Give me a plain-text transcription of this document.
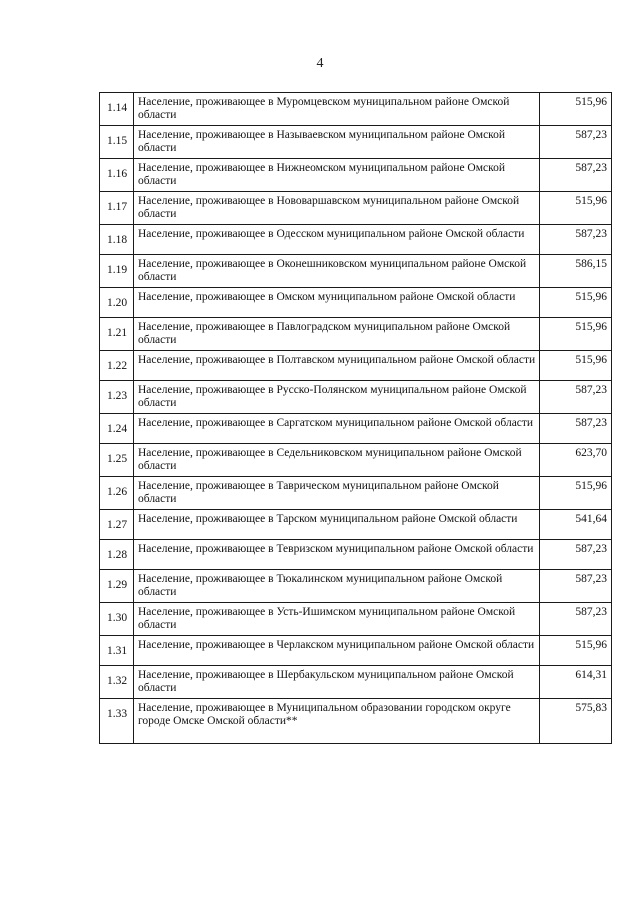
4
1.14	Население, проживающее в Муромцевском муниципальном районе Омской области	515,96
1.15	Население, проживающее в Называевском муниципальном районе Омской области	587,23
1.16	Население, проживающее в Нижнеомском муниципальном районе Омской области	587,23
1.17	Население, проживающее в Нововаршавском муниципальном районе Омской области	515,96
1.18	Население, проживающее в Одесском муниципальном районе Омской области	587,23
1.19	Население, проживающее в Оконешниковском муниципальном районе Омской области	586,15
1.20	Население, проживающее в Омском муниципальном районе Омской области	515,96
1.21	Население, проживающее в Павлоградском муниципальном районе Омской области	515,96
1.22	Население, проживающее в Полтавском муниципальном районе Омской области	515,96
1.23	Население, проживающее в Русско-Полянском муниципальном районе Омской области	587,23
1.24	Население, проживающее в Саргатском муниципальном районе Омской области	587,23
1.25	Население, проживающее в Седельниковском муниципальном районе Омской области	623,70
1.26	Население, проживающее в Таврическом муниципальном районе Омской области	515,96
1.27	Население, проживающее в Тарском муниципальном районе Омской области	541,64
1.28	Население, проживающее в Тевризском муниципальном районе Омской области	587,23
1.29	Население, проживающее в Тюкалинском муниципальном районе Омской области	587,23
1.30	Население, проживающее в Усть-Ишимском муниципальном районе Омской области	587,23
1.31	Население, проживающее в Черлакском муниципальном районе Омской области	515,96
1.32	Население, проживающее в Шербакульском муниципальном районе Омской области	614,31
1.33	Население, проживающее в Муниципальном образовании городском округе городе Омске Омской области**	575,83
